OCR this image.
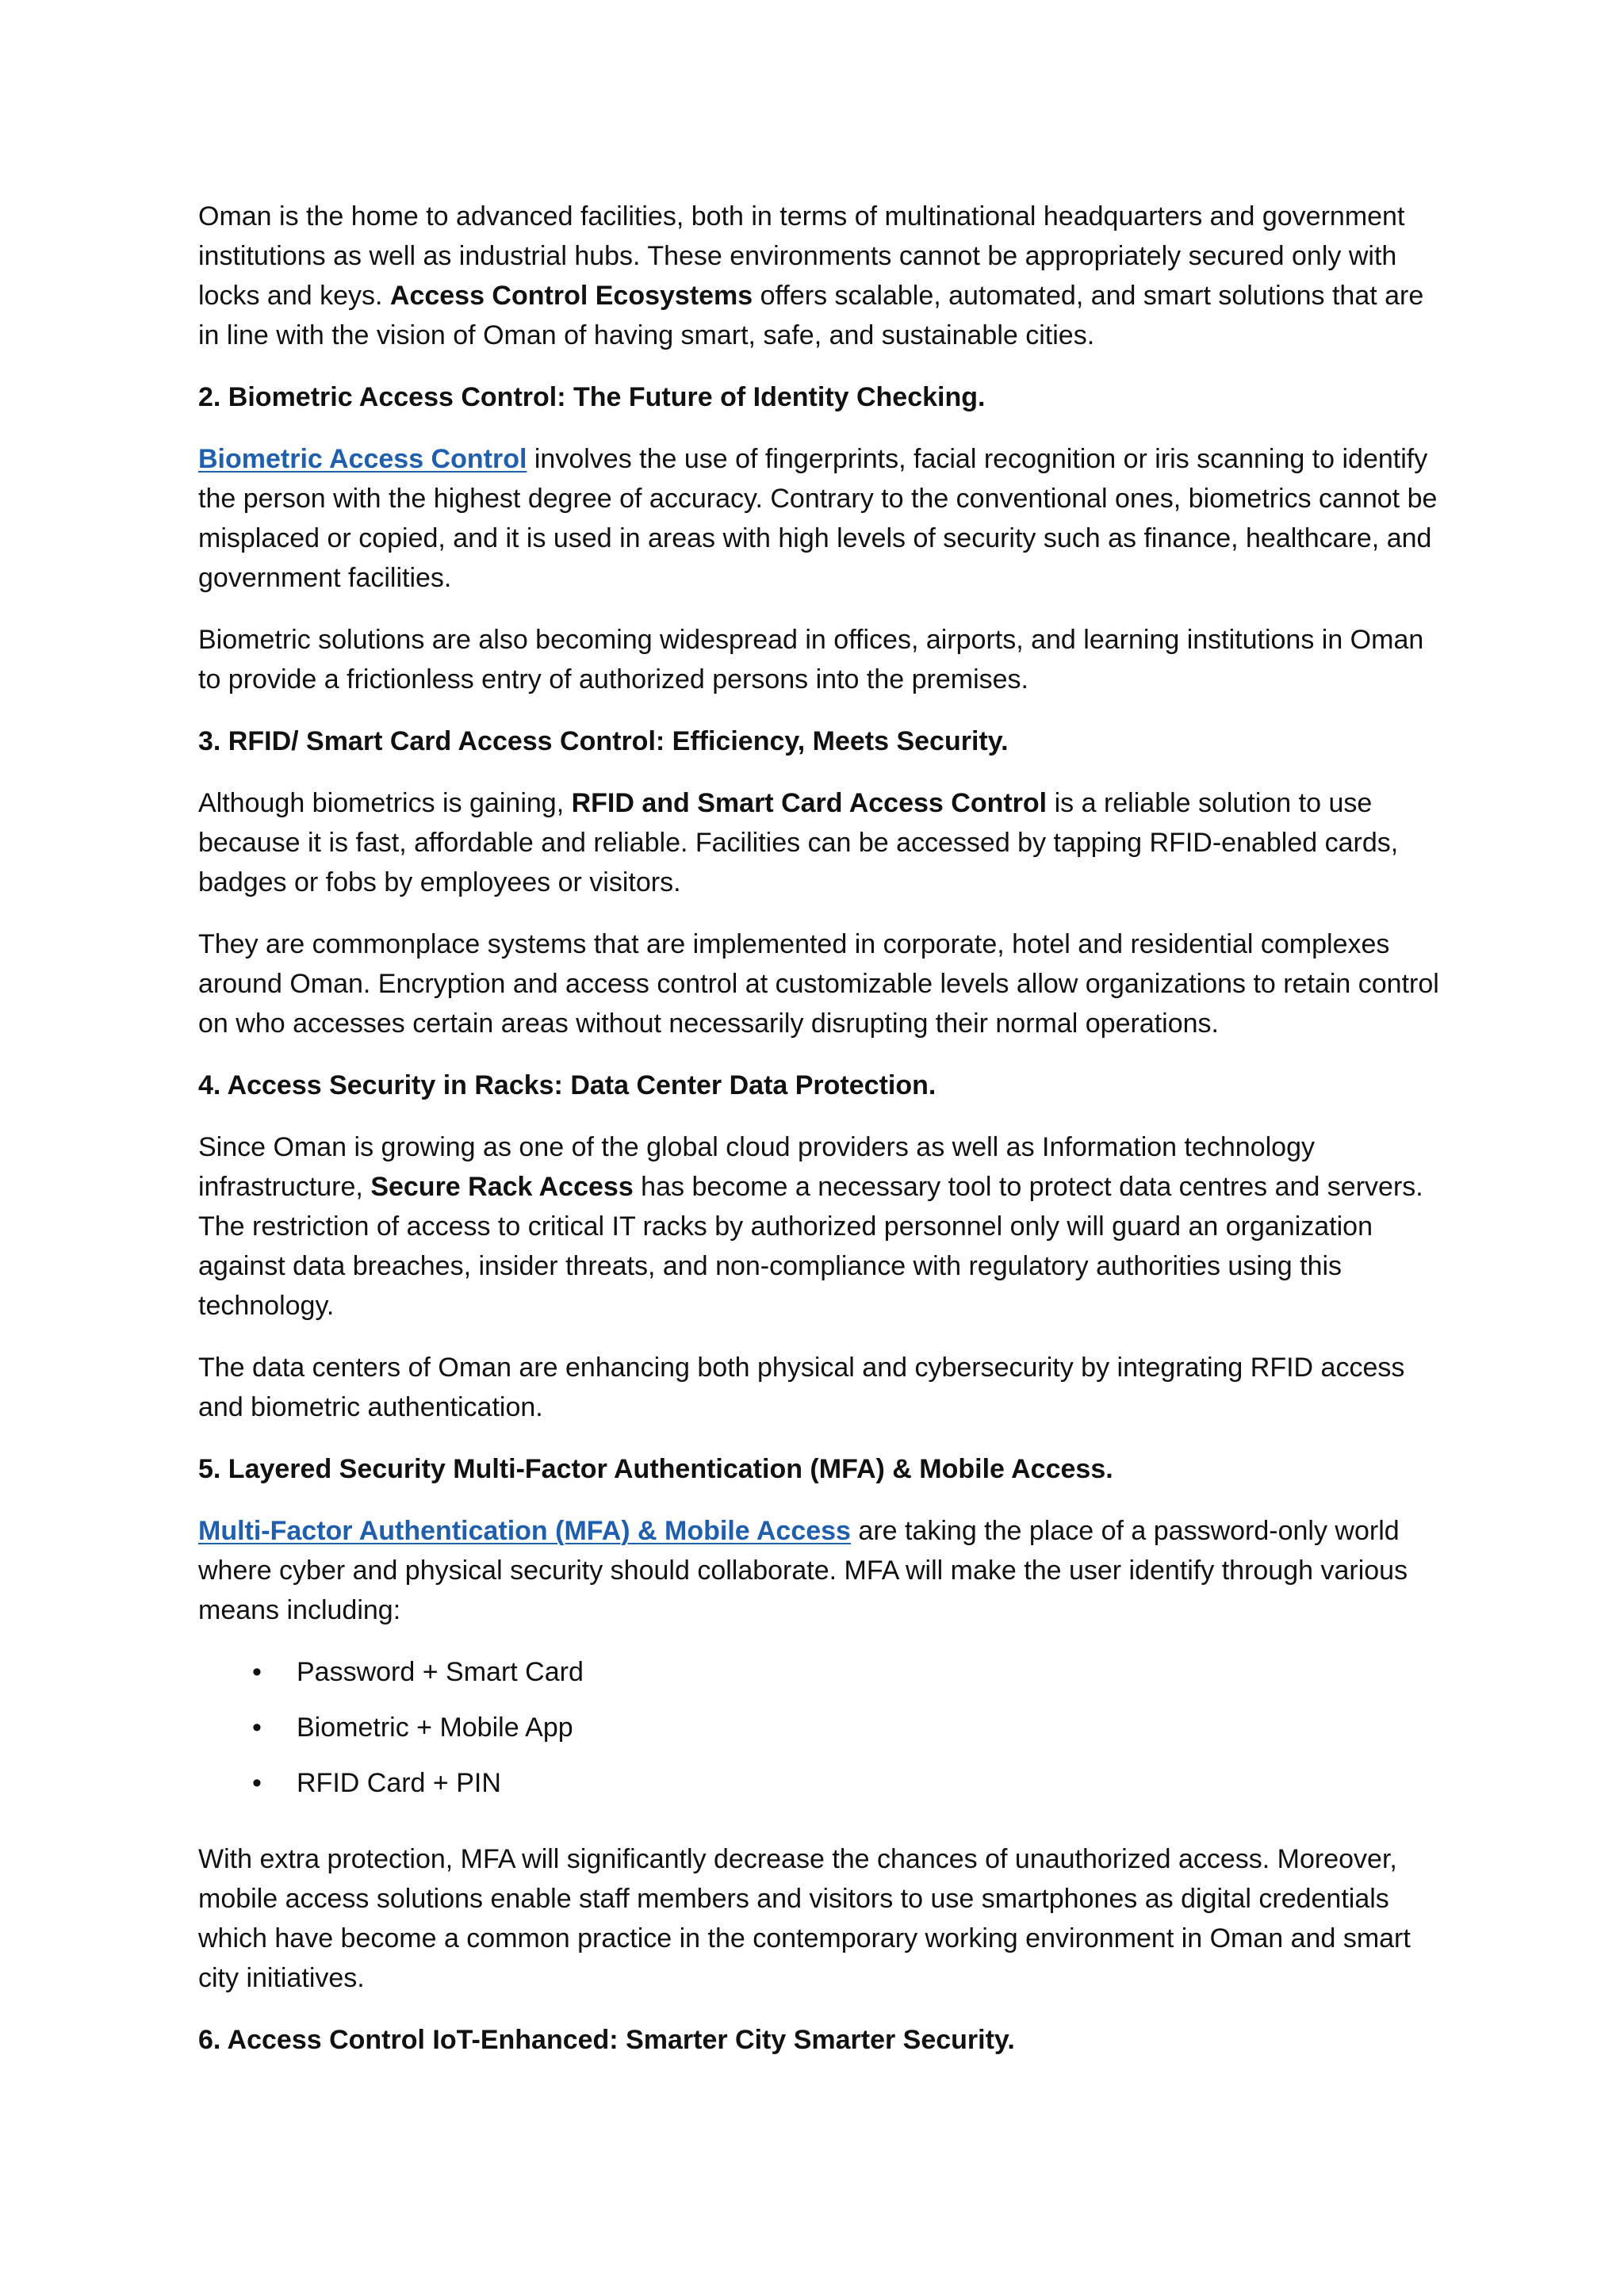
Oman is the home to advanced facilities, both in terms of multinational headquarters and government institutions as well as industrial hubs. These environments cannot be appropriately secured only with locks and keys. Access Control Ecosystems offers scalable, automated, and smart solutions that are in line with the vision of Oman of having smart, safe, and sustainable cities.

2. Biometric Access Control: The Future of Identity Checking.

Biometric Access Control involves the use of fingerprints, facial recognition or iris scanning to identify the person with the highest degree of accuracy. Contrary to the conventional ones, biometrics cannot be misplaced or copied, and it is used in areas with high levels of security such as finance, healthcare, and government facilities.

Biometric solutions are also becoming widespread in offices, airports, and learning institutions in Oman to provide a frictionless entry of authorized persons into the premises.

3. RFID/ Smart Card Access Control: Efficiency, Meets Security.

Although biometrics is gaining, RFID and Smart Card Access Control is a reliable solution to use because it is fast, affordable and reliable. Facilities can be accessed by tapping RFID-enabled cards, badges or fobs by employees or visitors.

They are commonplace systems that are implemented in corporate, hotel and residential complexes around Oman. Encryption and access control at customizable levels allow organizations to retain control on who accesses certain areas without necessarily disrupting their normal operations.

4. Access Security in Racks: Data Center Data Protection.

Since Oman is growing as one of the global cloud providers as well as Information technology infrastructure, Secure Rack Access has become a necessary tool to protect data centres and servers. The restriction of access to critical IT racks by authorized personnel only will guard an organization against data breaches, insider threats, and non-compliance with regulatory authorities using this technology.

The data centers of Oman are enhancing both physical and cybersecurity by integrating RFID access and biometric authentication.

5. Layered Security Multi-Factor Authentication (MFA) & Mobile Access.

Multi-Factor Authentication (MFA) & Mobile Access are taking the place of a password-only world where cyber and physical security should collaborate. MFA will make the user identify through various means including:

• Password + Smart Card
• Biometric + Mobile App
• RFID Card + PIN

With extra protection, MFA will significantly decrease the chances of unauthorized access. Moreover, mobile access solutions enable staff members and visitors to use smartphones as digital credentials which have become a common practice in the contemporary working environment in Oman and smart city initiatives.

6. Access Control IoT-Enhanced: Smarter City Smarter Security.
